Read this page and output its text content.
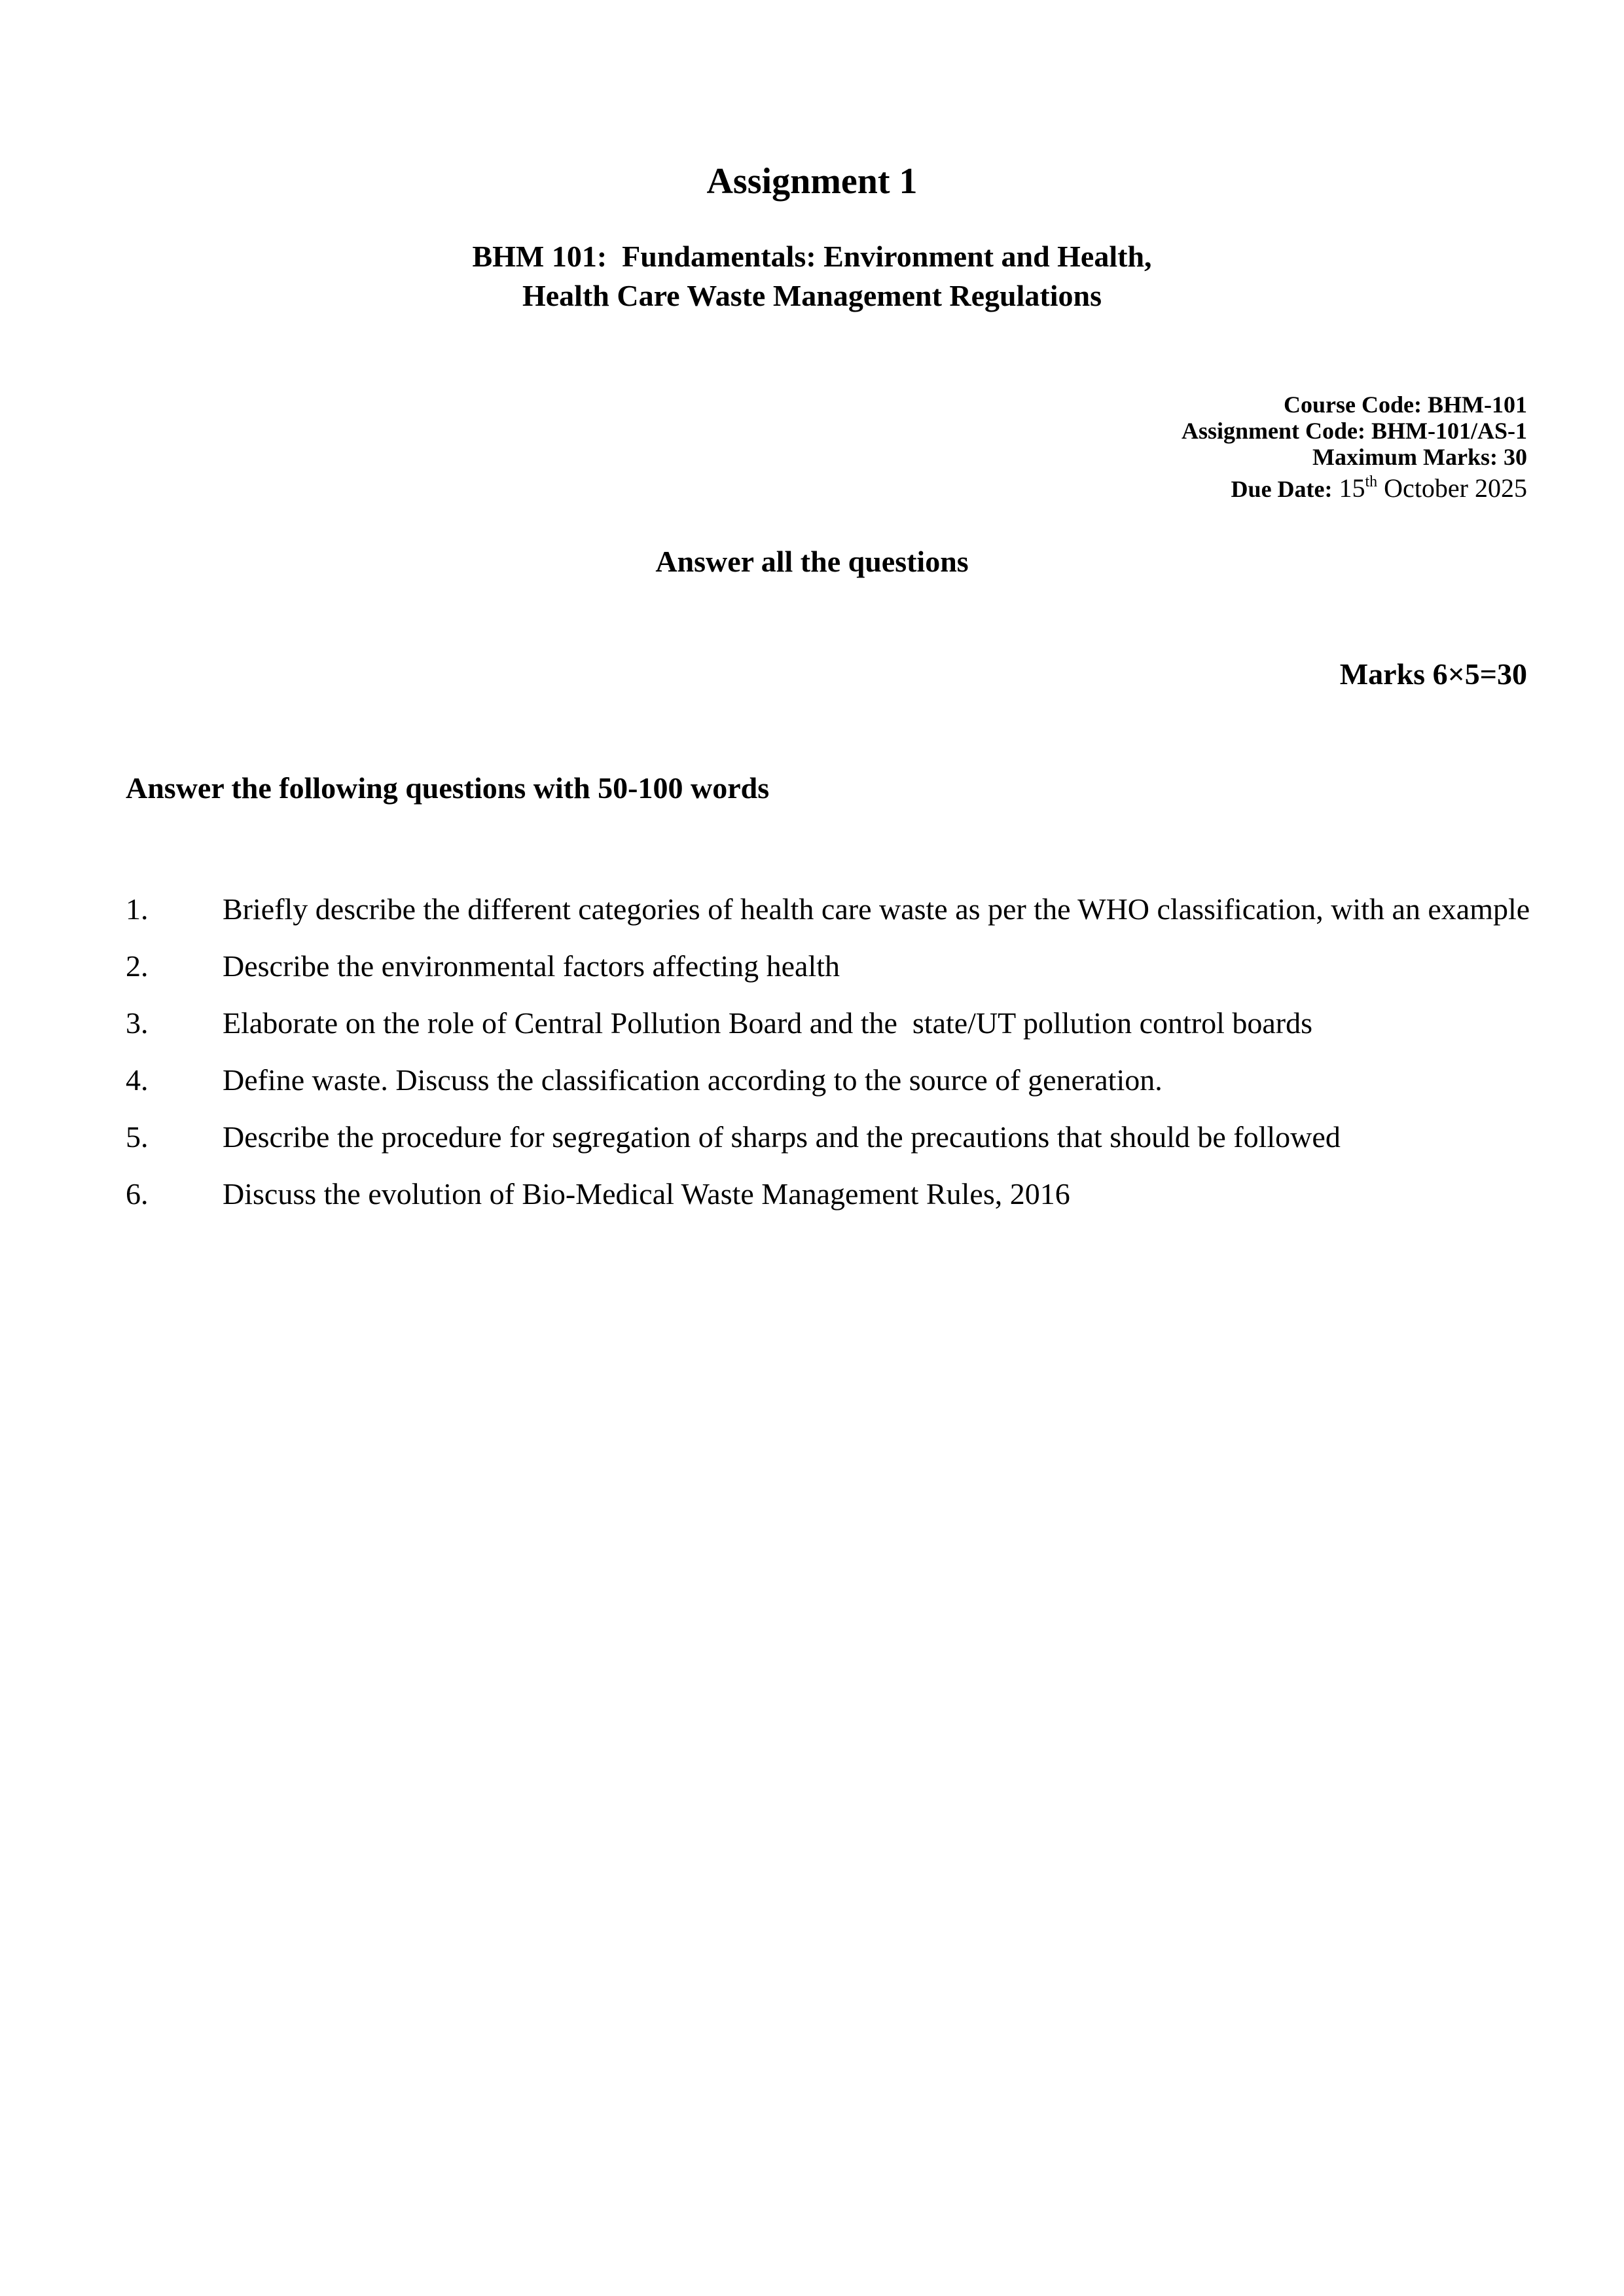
Assignment 1
BHM 101:  Fundamentals: Environment and Health,
Health Care Waste Management Regulations
Course Code: BHM-101
Assignment Code: BHM-101/AS-1
Maximum Marks: 30
Due Date: 15th October 2025
Answer all the questions
Marks 6×5=30
Answer the following questions with 50-100 words
1.	Briefly describe the different categories of health care waste as per the WHO classification, with an example
2.	Describe the environmental factors affecting health
3.	Elaborate on the role of Central Pollution Board and the  state/UT pollution control boards
4.	Define waste. Discuss the classification according to the source of generation.
5.	Describe the procedure for segregation of sharps and the precautions that should be followed
6.	Discuss the evolution of Bio-Medical Waste Management Rules, 2016
